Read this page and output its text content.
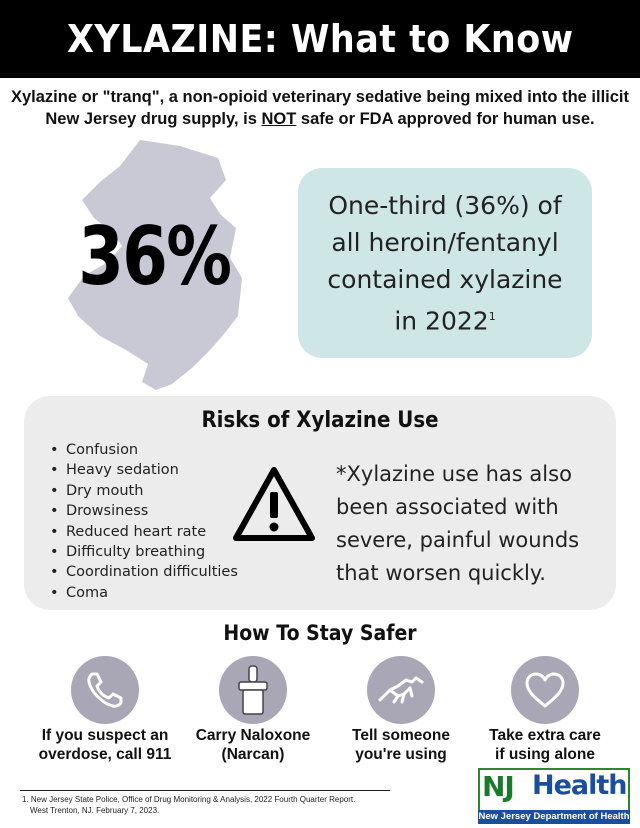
XYLAZINE: What to Know

Xylazine or "tranq", a non-opioid veterinary sedative being mixed into the illicit New Jersey drug supply, is NOT safe or FDA approved for human use.

36%

One-third (36%) of
all heroin/fentanyl
contained xylazine
in 2022$^1$

Risks of Xylazine Use
• Confusion
• Heavy sedation
• Dry mouth
• Drowsiness
• Reduced heart rate
• Difficulty breathing
• Coordination difficulties
• Coma
*Xylazine use has also been associated with severe, painful wounds that worsen quickly.
How To Stay Safer
If you suspect an
overdose, call 911
Carry Naloxone
(Narcan)
Tell someone
you're using
Take extra care
if using alone
1. New Jersey State Police, Office of Drug Monitoring & Analysis, 2022 Fourth Quarter Report.
West Trenton, NJ. February 7, 2023.
NJ Health
New Jersey Department of Health
